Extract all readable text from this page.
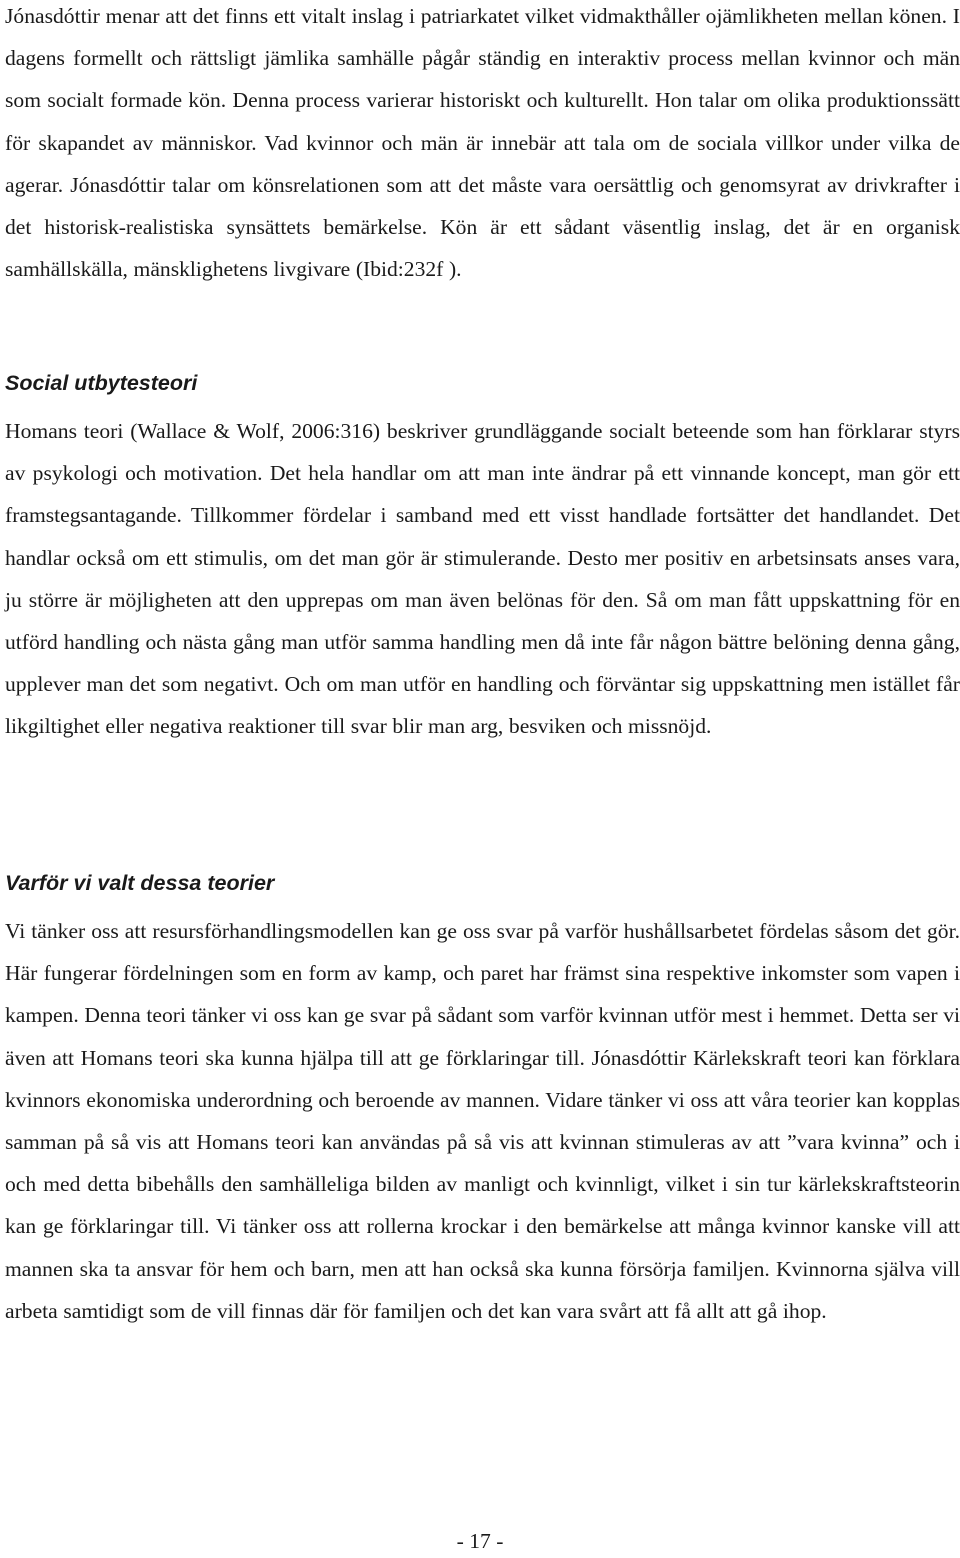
Jónasdóttir menar att det finns ett vitalt inslag i patriarkatet vilket vidmakthåller ojämlikheten mellan könen. I dagens formellt och rättsligt jämlika samhälle pågår ständig en interaktiv process mellan kvinnor och män som socialt formade kön. Denna process varierar historiskt och kulturellt. Hon talar om olika produktionssätt för skapandet av människor. Vad kvinnor och män är innebär att tala om de sociala villkor under vilka de agerar. Jónasdóttir talar om könsrelationen som att det måste vara oersättlig och genomsyrat av drivkrafter i det historisk-realistiska synsättets bemärkelse. Kön är ett sådant väsentlig inslag, det är en organisk samhällskälla, mänsklighetens livgivare (Ibid:232f ).

Social utbytesteori

Homans teori (Wallace & Wolf, 2006:316) beskriver grundläggande socialt beteende som han förklarar styrs av psykologi och motivation. Det hela handlar om att man inte ändrar på ett vinnande koncept, man gör ett framstegsantagande. Tillkommer fördelar i samband med ett visst handlade fortsätter det handlandet. Det handlar också om ett stimulis, om det man gör är stimulerande. Desto mer positiv en arbetsinsats anses vara, ju större är möjligheten att den upprepas om man även belönas för den. Så om man fått uppskattning för en utförd handling och nästa gång man utför samma handling men då inte får någon bättre belöning denna gång, upplever man det som negativt. Och om man utför en handling och förväntar sig uppskattning men istället får likgiltighet eller negativa reaktioner till svar blir man arg, besviken och missnöjd.

Varför vi valt dessa teorier

Vi tänker oss att resursförhandlingsmodellen kan ge oss svar på varför hushållsarbetet fördelas såsom det gör. Här fungerar fördelningen som en form av kamp, och paret har främst sina respektive inkomster som vapen i kampen. Denna teori tänker vi oss kan ge svar på sådant som varför kvinnan utför mest i hemmet. Detta ser vi även att Homans teori ska kunna hjälpa till att ge förklaringar till. Jónasdóttir Kärlekskraft teori kan förklara kvinnors ekonomiska underordning och beroende av mannen. Vidare tänker vi oss att våra teorier kan kopplas samman på så vis att Homans teori kan användas på så vis att kvinnan stimuleras av att ”vara kvinna” och i och med detta bibehålls den samhälleliga bilden av manligt och kvinnligt, vilket i sin tur kärlekskraftsteorin kan ge förklaringar till. Vi tänker oss att rollerna krockar i den bemärkelse att många kvinnor kanske vill att mannen ska ta ansvar för hem och barn, men att han också ska kunna försörja familjen. Kvinnorna själva vill arbeta samtidigt som de vill finnas där för familjen och det kan vara svårt att få allt att gå ihop.

- 17 -
